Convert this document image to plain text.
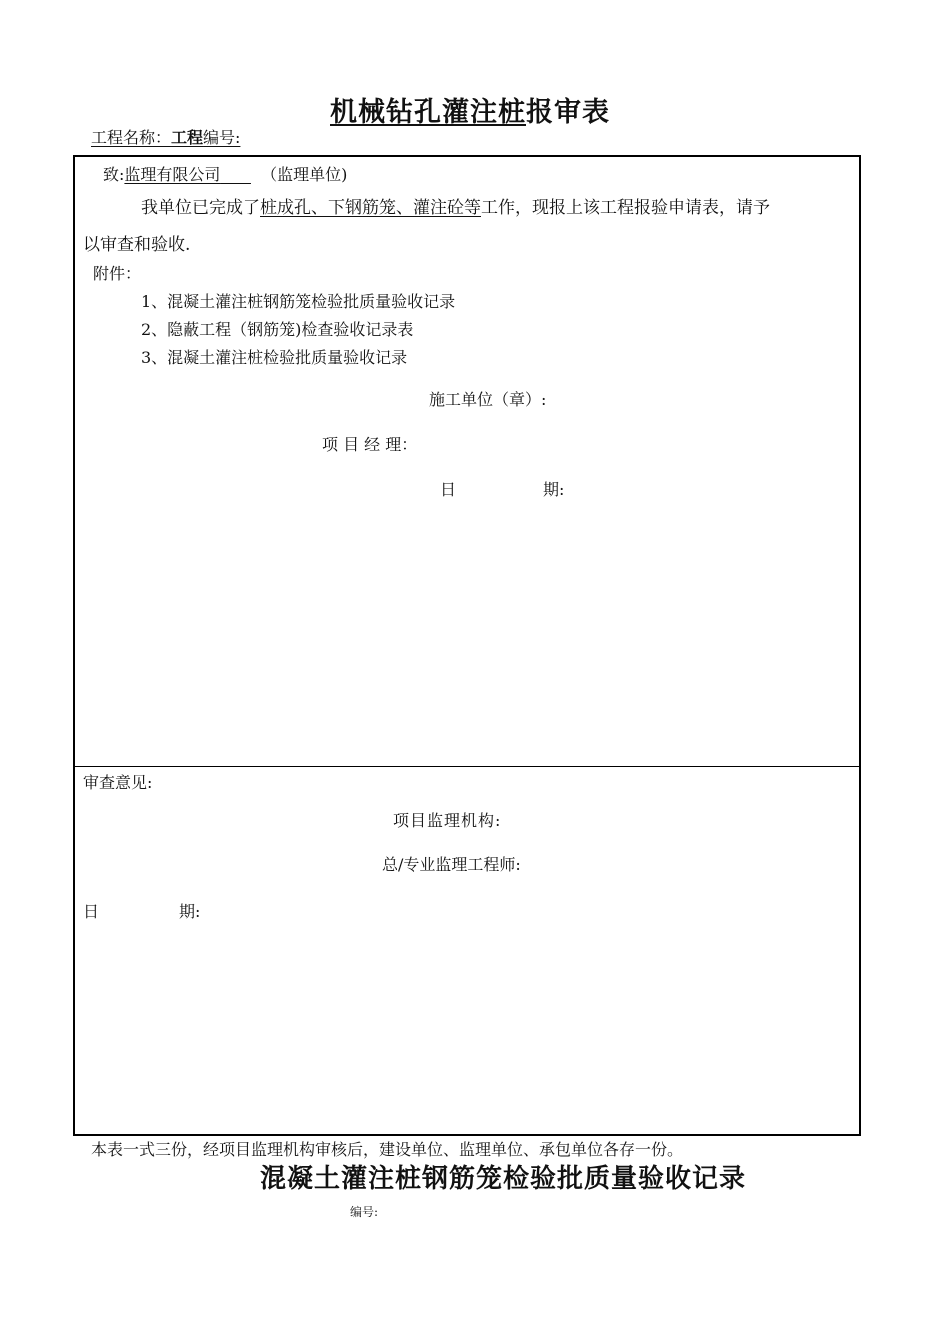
机械钻孔灌注桩报审表
工程名称：工程编号:
致:监理有限公司	（监理单位)
我单位已完成了桩成孔、下钢筋笼、灌注砼等工作，现报上该工程报验申请表，请予
以审查和验收.
附件：
1、混凝土灌注桩钢筋笼检验批质量验收记录
2、隐蔽工程（钢筋笼)检查验收记录表
3、混凝土灌注桩检验批质量验收记录
施工单位（章）:
项 目 经 理：
日	期:
审查意见:
项目监理机构:
总/专业监理工程师:
日	期:
本表一式三份，经项目监理机构审核后，建设单位、监理单位、承包单位各存一份。
混凝土灌注桩钢筋笼检验批质量验收记录
编号:
